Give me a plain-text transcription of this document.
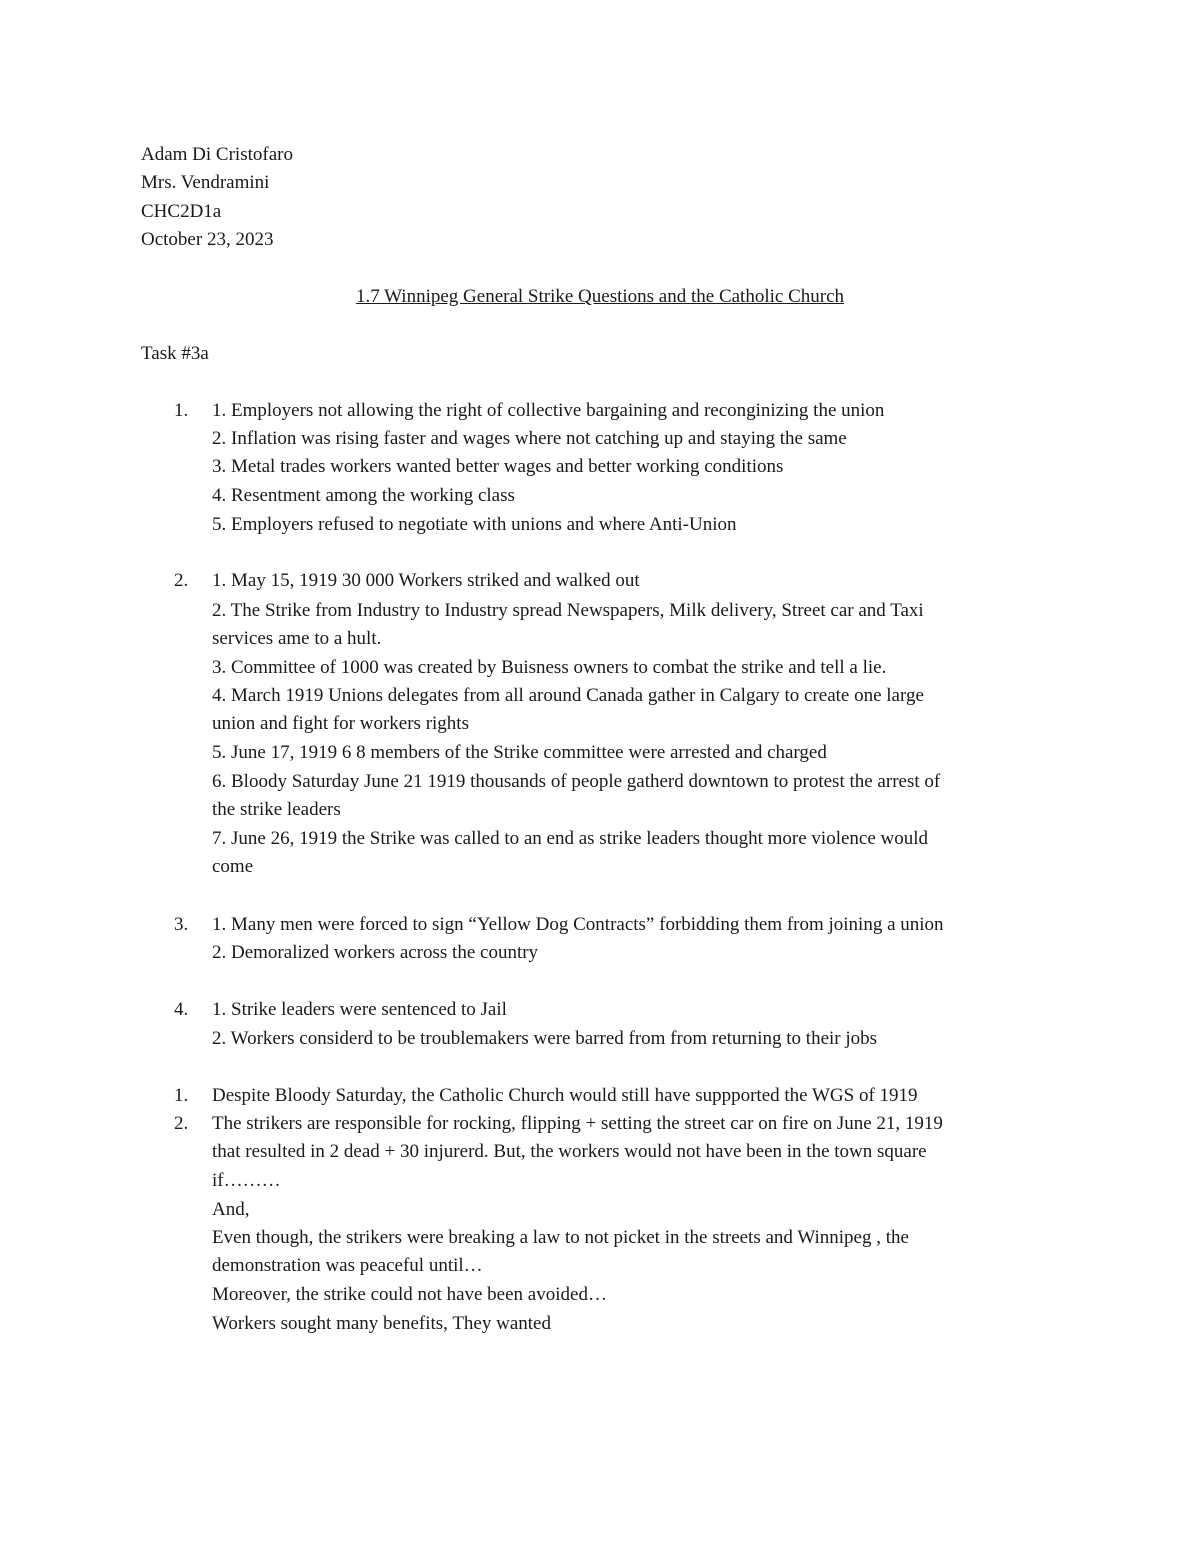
Adam Di Cristofaro
Mrs. Vendramini
CHC2D1a
October 23, 2023
1.7 Winnipeg General Strike Questions and the Catholic Church
Task #3a
1. 1. Employers not allowing the right of collective bargaining and reconginizing the union
2. Inflation was rising faster and wages where not catching up and staying the same
3. Metal trades workers wanted better wages and better working conditions
4. Resentment among the working class
5. Employers refused to negotiate with unions and where Anti-Union
2. 1. May 15, 1919 30 000 Workers striked and walked out
2. The Strike from Industry to Industry spread Newspapers, Milk delivery, Street car and Taxi
services ame to a hult.
3. Committee of 1000 was created by Buisness owners to combat the strike and tell a lie.
4. March 1919 Unions delegates from all around Canada gather in Calgary to create one large
union and fight for workers rights
5. June 17, 1919 6 8 members of the Strike committee were arrested and charged
6. Bloody Saturday June 21 1919 thousands of people gatherd downtown to protest the arrest of
the strike leaders
7. June 26, 1919 the Strike was called to an end as strike leaders thought more violence would
come
3. 1. Many men were forced to sign “Yellow Dog Contracts” forbidding them from joining a union
2. Demoralized workers across the country
4. 1. Strike leaders were sentenced to Jail
2. Workers considerd to be troublemakers were barred from from returning to their jobs
1. Despite Bloody Saturday, the Catholic Church would still have suppported the WGS of 1919
2. The strikers are responsible for rocking, flipping + setting the street car on fire on June 21, 1919
that resulted in 2 dead + 30 injurerd. But, the workers would not have been in the town square
if………
And,
Even though, the strikers were breaking a law to not picket in the streets and Winnipeg , the
demonstration was peaceful until…
Moreover, the strike could not have been avoided…
Workers sought many benefits, They wanted
